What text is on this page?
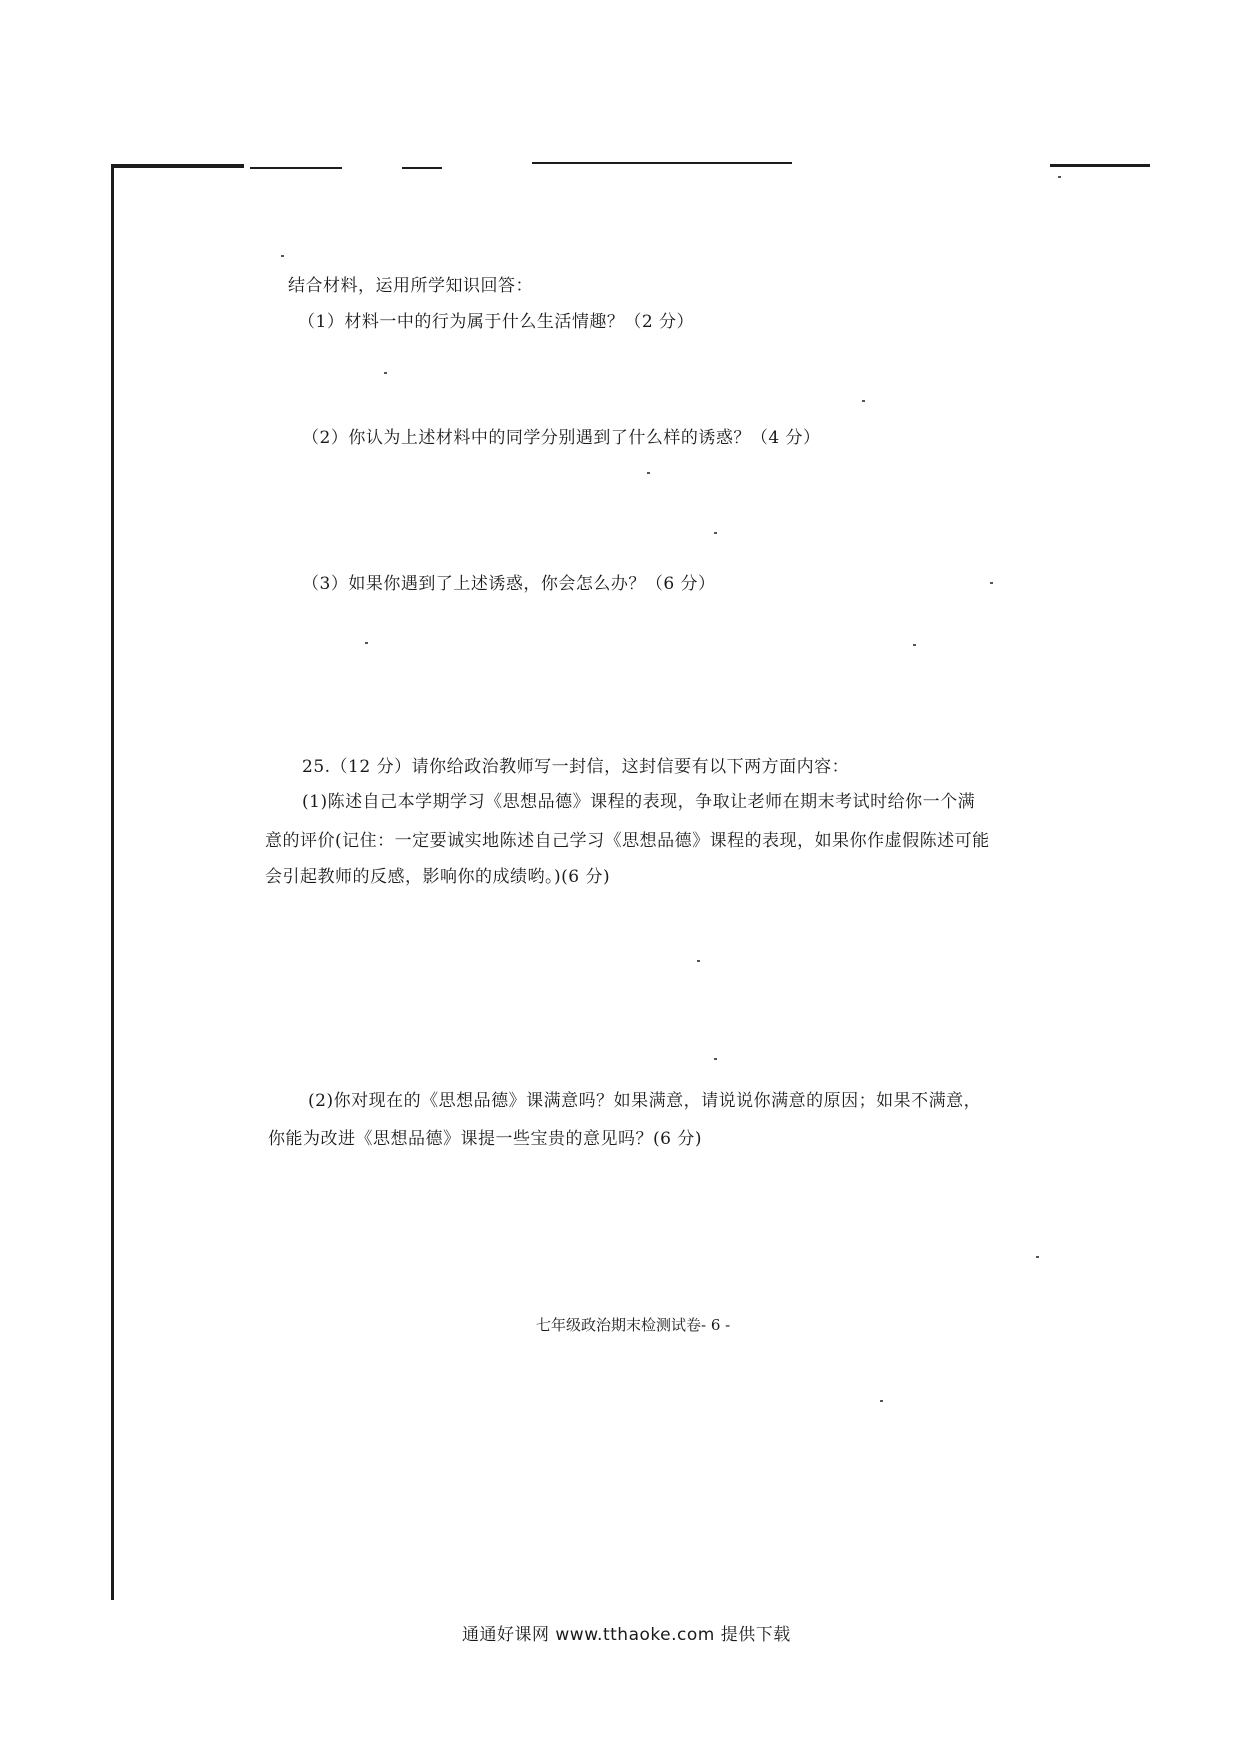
结合材料，运用所学知识回答：
（1）材料一中的行为属于什么生活情趣？（2 分）
（2）你认为上述材料中的同学分别遇到了什么样的诱惑？（4 分）
（3）如果你遇到了上述诱惑，你会怎么办？（6 分）
25.（12 分）请你给政治教师写一封信，这封信要有以下两方面内容：
(1)陈述自己本学期学习《思想品德》课程的表现，争取让老师在期末考试时给你一个满
意的评价(记住：一定要诚实地陈述自己学习《思想品德》课程的表现，如果你作虚假陈述可能
会引起教师的反感，影响你的成绩哟。)(6 分)
(2)你对现在的《思想品德》课满意吗？如果满意，请说说你满意的原因；如果不满意，
你能为改进《思想品德》课提一些宝贵的意见吗？(6 分)
七年级政治期末检测试卷- 6 -
通通好课网 www.tthaoke.com 提供下载
